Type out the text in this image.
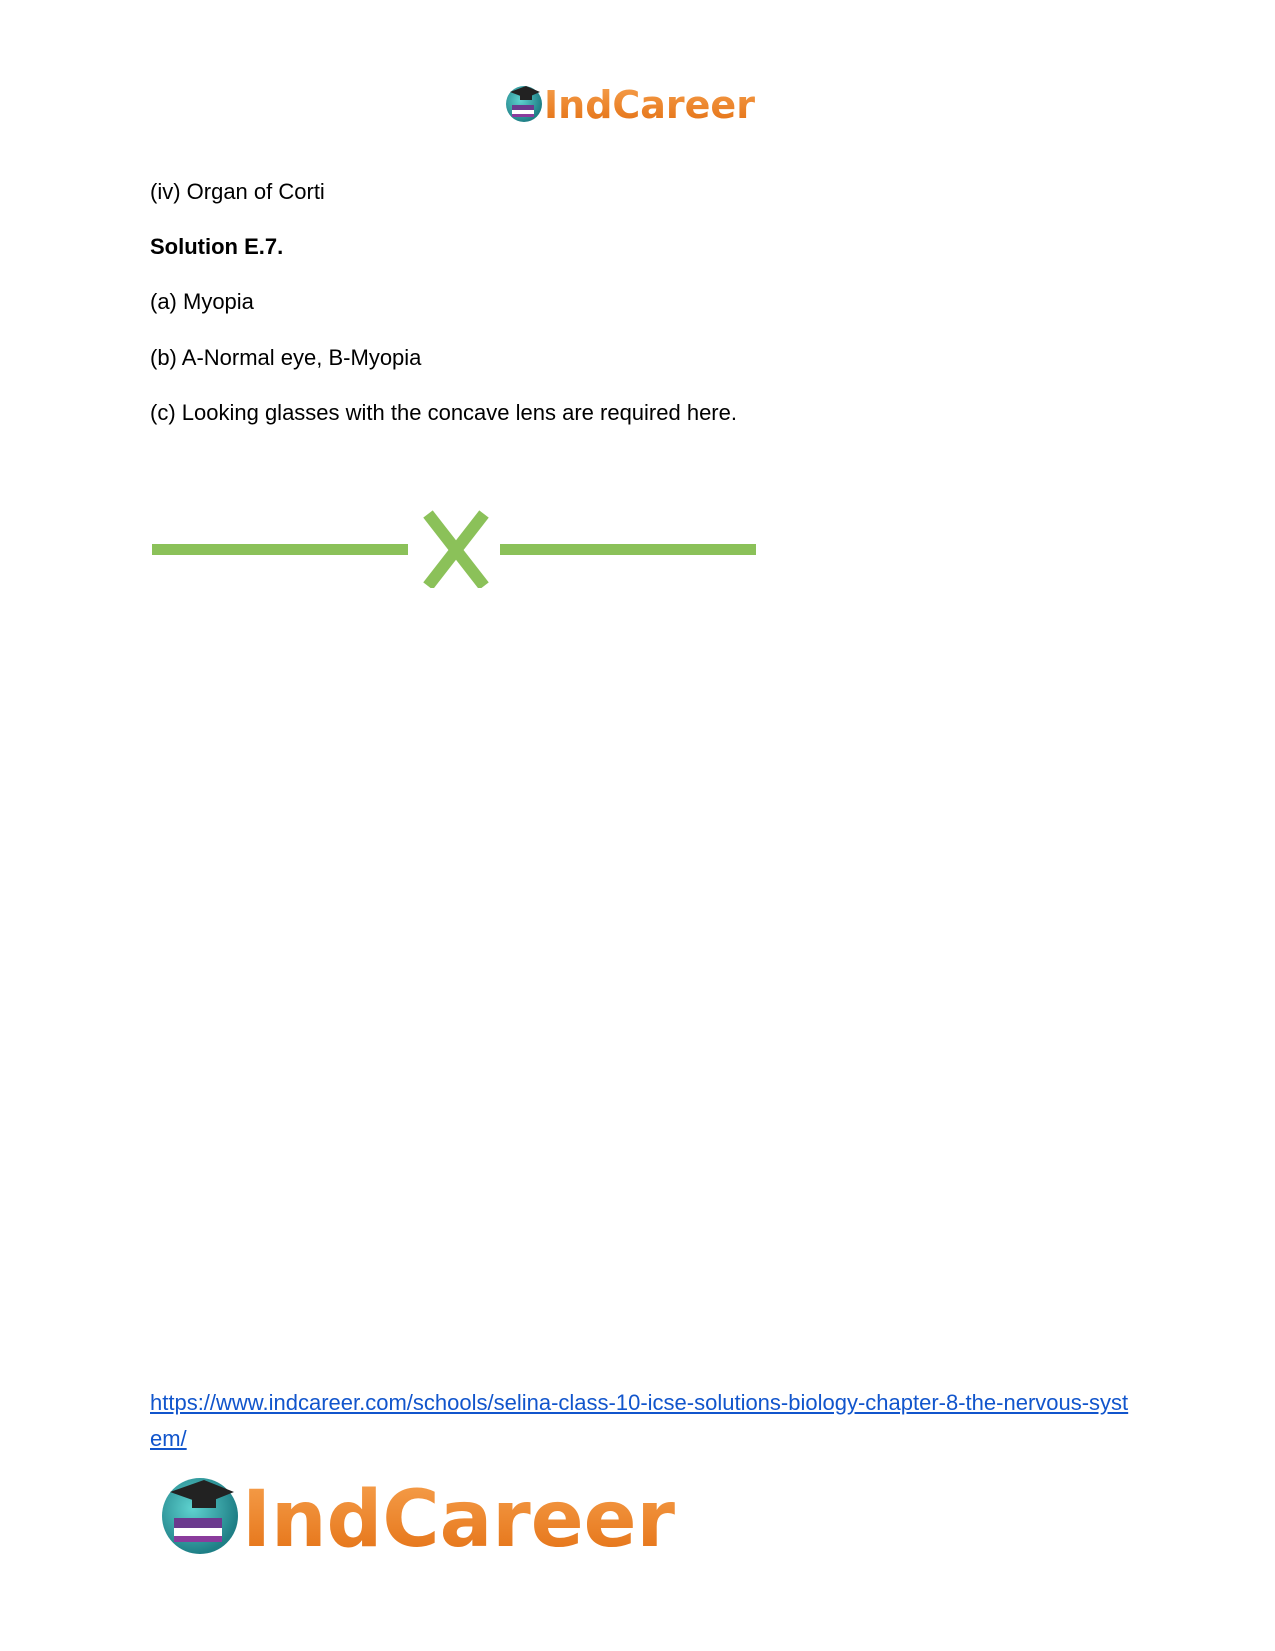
IndCareer

(iv) Organ of Corti

Solution E.7.

(a) Myopia

(b) A-Normal eye, B-Myopia

(c) Looking glasses with the concave lens are required here.

https://www.indcareer.com/schools/selina-class-10-icse-solutions-biology-chapter-8-the-nervous-system/
IndCareer
